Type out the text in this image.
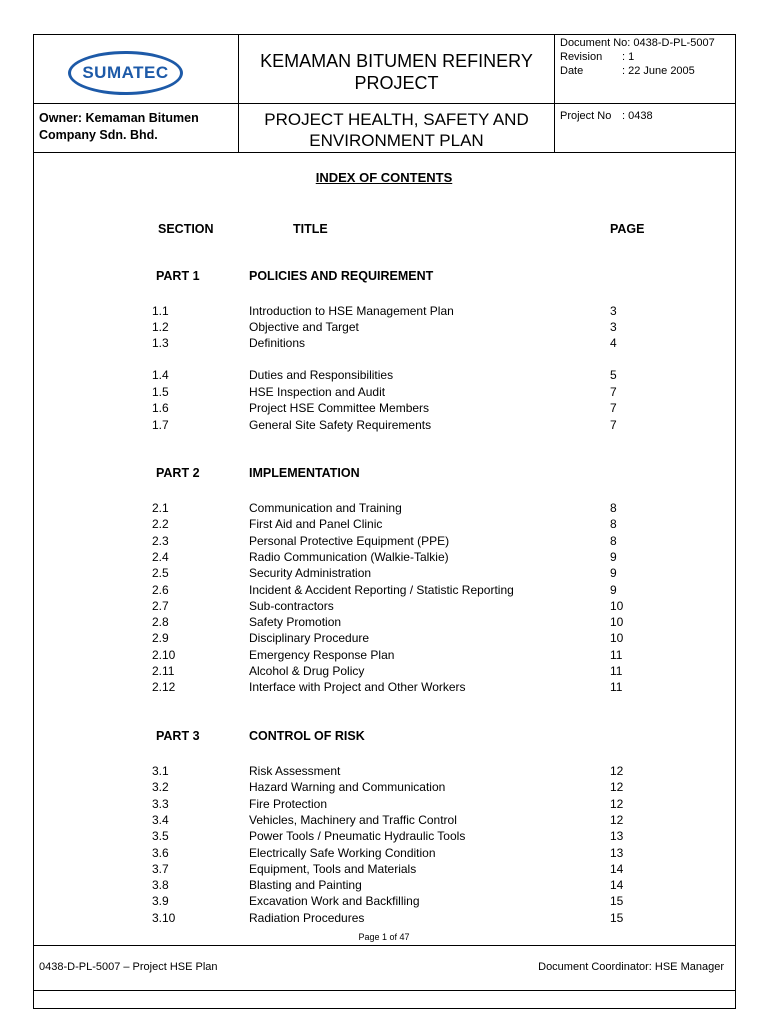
SUMATEC
KEMAMAN BITUMEN REFINERY
PROJECT
Document No: 0438-D-PL-5007
Revision : 1
Date	: 22 June 2005
Owner: Kemaman Bitumen
Company Sdn. Bhd.
PROJECT HEALTH, SAFETY AND
ENVIRONMENT PLAN
Project No : 0438
INDEX OF CONTENTS
SECTION	TITLE	PAGE
PART 1	POLICIES AND REQUIREMENT
1.1	Introduction to HSE Management Plan	3
1.2	Objective and Target	3
1.3	Definitions	4
1.4	Duties and Responsibilities	5
1.5	HSE Inspection and Audit	7
1.6	Project HSE Committee Members	7
1.7	General Site Safety Requirements	7
PART 2	IMPLEMENTATION
2.1	Communication and Training	8
2.2	First Aid and Panel Clinic	8
2.3	Personal Protective Equipment (PPE)	8
2.4	Radio Communication (Walkie-Talkie)	9
2.5	Security Administration	9
2.6	Incident & Accident Reporting / Statistic Reporting	9
2.7	Sub-contractors	10
2.8	Safety Promotion	10
2.9	Disciplinary Procedure	10
2.10	Emergency Response Plan	11
2.11	Alcohol & Drug Policy	11
2.12	Interface with Project and Other Workers	11
PART 3	CONTROL OF RISK
3.1	Risk Assessment	12
3.2	Hazard Warning and Communication	12
3.3	Fire Protection	12
3.4	Vehicles, Machinery and Traffic Control	12
3.5	Power Tools / Pneumatic Hydraulic Tools	13
3.6	Electrically Safe Working Condition	13
3.7	Equipment, Tools and Materials	14
3.8	Blasting and Painting	14
3.9	Excavation Work and Backfilling	15
3.10	Radiation Procedures	15
Page 1 of 47
0438-D-PL-5007 – Project HSE Plan	Document Coordinator: HSE Manager
